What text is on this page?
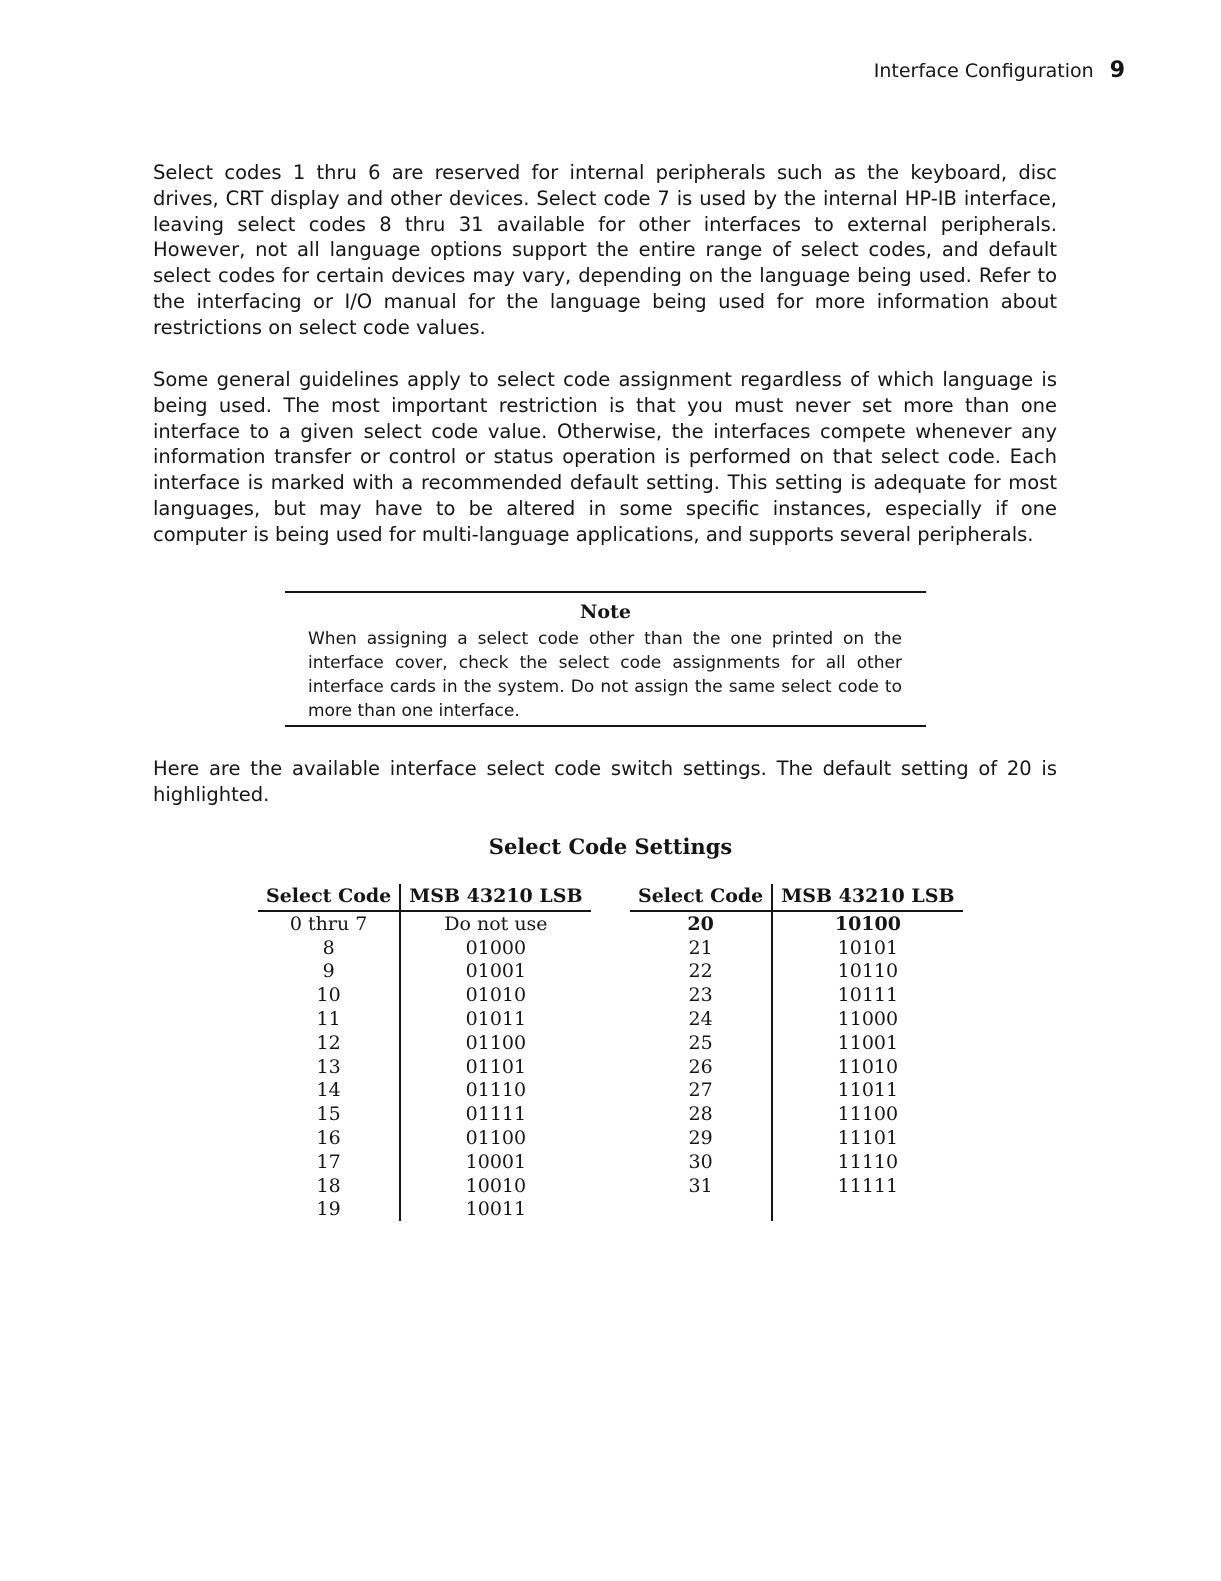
Interface Configuration 9

Select codes 1 thru 6 are reserved for internal peripherals such as the keyboard, disc drives, CRT display and other devices. Select code 7 is used by the internal HP-IB interface, leaving select codes 8 thru 31 available for other interfaces to external peripherals. However, not all language options support the entire range of select codes, and default select codes for certain devices may vary, depending on the language being used. Refer to the interfacing or I/O manual for the language being used for more information about restrictions on select code values.

Some general guidelines apply to select code assignment regardless of which language is being used. The most important restriction is that you must never set more than one interface to a given select code value. Otherwise, the interfaces compete whenever any information transfer or control or status operation is performed on that select code. Each interface is marked with a recommended default setting. This setting is adequate for most languages, but may have to be altered in some specific instances, especially if one computer is being used for multi-language applications, and supports several peripherals.

Note
When assigning a select code other than the one printed on the interface cover, check the select code assignments for all other interface cards in the system. Do not assign the same select code to more than one interface.

Here are the available interface select code switch settings. The default setting of 20 is highlighted.

Select Code Settings
Select Code	MSB 43210 LSB
0 thru 7	Do not use
8	01000
9	01001
10	01010
11	01011
12	01100
13	01101
14	01110
15	01111
16	01100
17	10001
18	10010
19	10011
Select Code	MSB 43210 LSB
20	10100
21	10101
22	10110
23	10111
24	11000
25	11001
26	11010
27	11011
28	11100
29	11101
30	11110
31	11111
